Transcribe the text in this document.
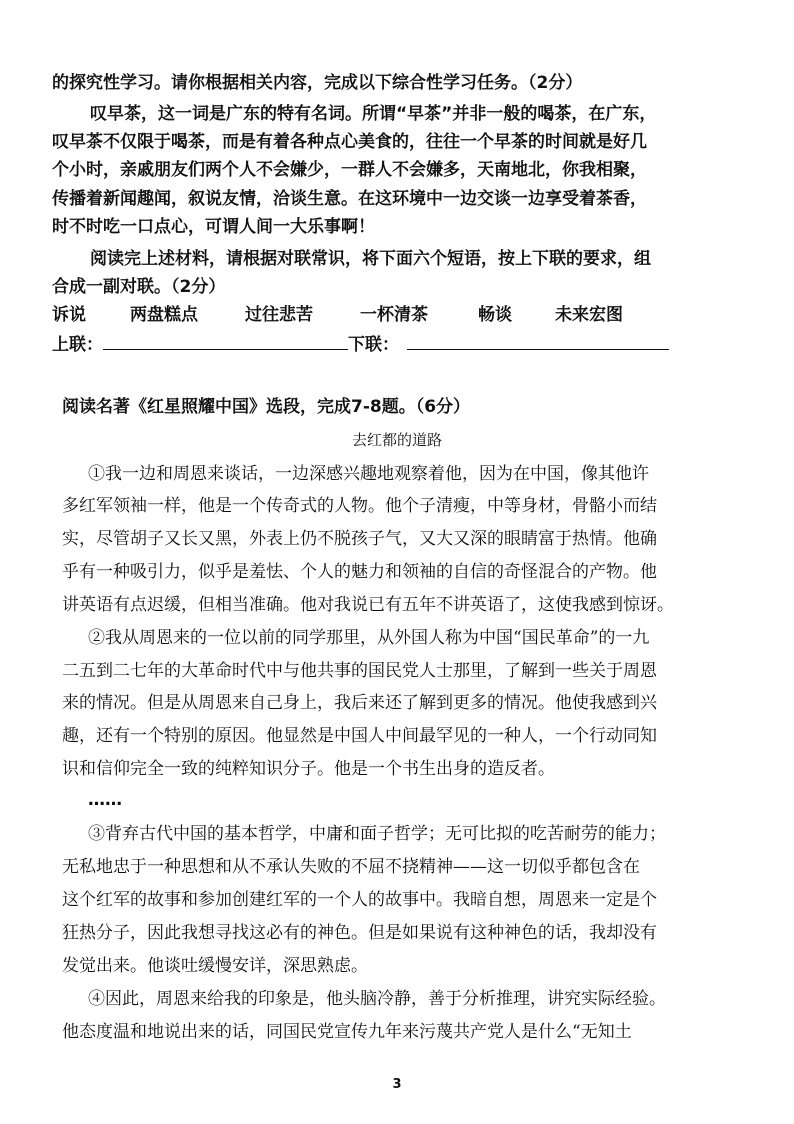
的探究性学习。请你根据相关内容，完成以下综合性学习任务。（2分）
叹早茶，这一词是广东的特有名词。所谓“早茶”并非一般的喝茶，在广东，
叹早茶不仅限于喝茶，而是有着各种点心美食的，往往一个早茶的时间就是好几
个小时，亲戚朋友们两个人不会嫌少，一群人不会嫌多，天南地北，你我相聚，
传播着新闻趣闻，叙说友情，洽谈生意。在这环境中一边交谈一边享受着茶香，
时不时吃一口点心，可谓人间一大乐事啊！
阅读完上述材料，请根据对联常识，将下面六个短语，按上下联的要求，组
合成一副对联。（2分）
诉说	两盘糕点	过往悲苦	一杯清茶	畅谈	未来宏图
上联：	下联：
阅读名著《红星照耀中国》选段，完成7-8题。（6分）
去红都的道路
①我一边和周恩来谈话，一边深感兴趣地观察着他，因为在中国，像其他许
多红军领袖一样，他是一个传奇式的人物。他个子清瘦，中等身材，骨骼小而结
实，尽管胡子又长又黑，外表上仍不脱孩子气，又大又深的眼睛富于热情。他确
乎有一种吸引力，似乎是羞怯、个人的魅力和领袖的自信的奇怪混合的产物。他
讲英语有点迟缓，但相当准确。他对我说已有五年不讲英语了，这使我感到惊讶。
②我从周恩来的一位以前的同学那里，从外国人称为中国“国民革命”的一九
二五到二七年的大革命时代中与他共事的国民党人士那里，了解到一些关于周恩
来的情况。但是从周恩来自己身上，我后来还了解到更多的情况。他使我感到兴
趣，还有一个特别的原因。他显然是中国人中间最罕见的一种人，一个行动同知
识和信仰完全一致的纯粹知识分子。他是一个书生出身的造反者。
……
③背弃古代中国的基本哲学，中庸和面子哲学；无可比拟的吃苦耐劳的能力；
无私地忠于一种思想和从不承认失败的不屈不挠精神——这一切似乎都包含在
这个红军的故事和参加创建红军的一个人的故事中。我暗自想，周恩来一定是个
狂热分子，因此我想寻找这必有的神色。但是如果说有这种神色的话，我却没有
发觉出来。他谈吐缓慢安详，深思熟虑。
④因此，周恩来给我的印象是，他头脑冷静，善于分析推理，讲究实际经验。
他态度温和地说出来的话，同国民党宣传九年来污蔑共产党人是什么“无知土
3
